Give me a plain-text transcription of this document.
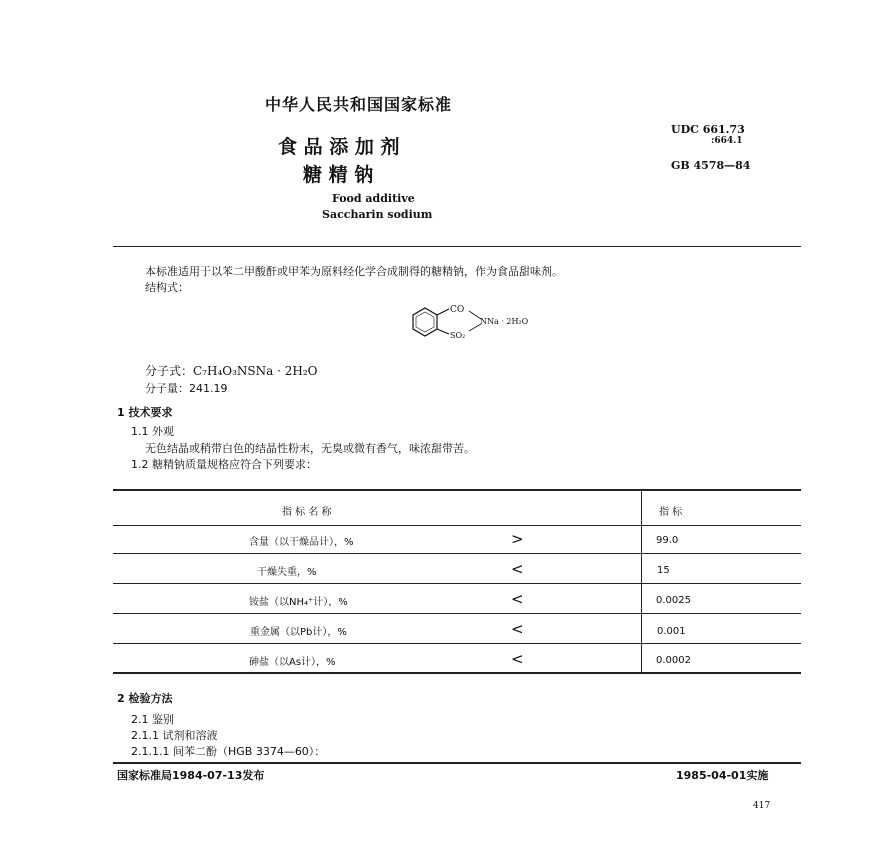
中华人民共和国国家标准
食 品 添 加 剂
糖 精 钠
Food additive
Saccharin sodium
UDC 661.73
:664.1
GB 4578—84
本标准适用于以苯二甲酸酐或甲苯为原料经化学合成制得的糖精钠，作为食品甜味剂。
结构式：
CO
SO₂
NNa · 2H₂O
分子式：C₇H₄O₃NSNa · 2H₂O
分子量：241.19
1 技术要求
1.1 外观
无色结晶或稍带白色的结晶性粉末，无臭或微有香气，味浓甜带苦。
1.2 糖精钠质量规格应符合下列要求：
指 标 名 称	指 标
含量（以干燥品计），%	>	99.0
干燥失重，%	<	15
铵盐（以NH₄⁺计），%	<	0.0025
重金属（以Pb计），%	<	0.001
砷盐（以As计），%	<	0.0002
2 检验方法
2.1 鉴别
2.1.1 试剂和溶液
2.1.1.1 间苯二酚（HGB 3374—60）：
国家标准局1984-07-13发布	1985-04-01实施
417
